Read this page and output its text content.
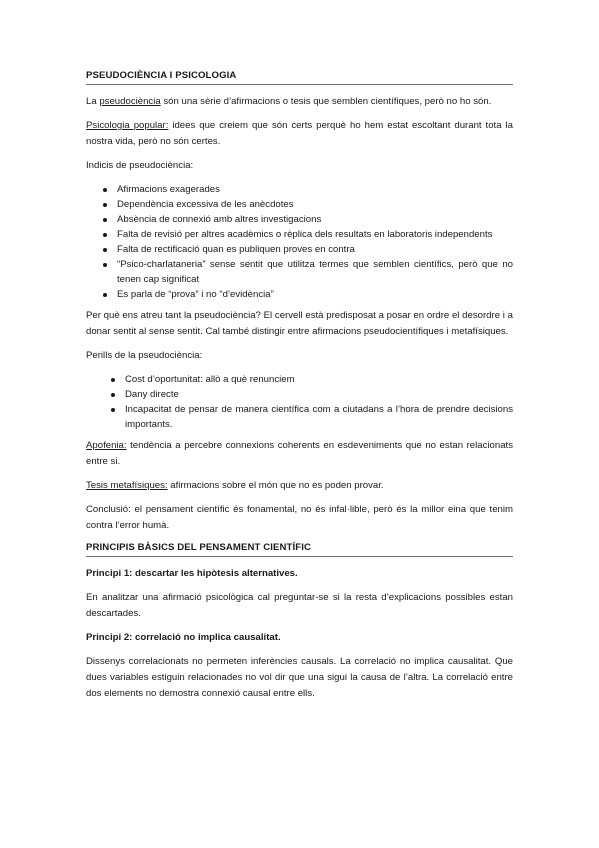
PSEUDOCIÈNCIA I PSICOLOGIA

La pseudociència són una sèrie d’afirmacions o tesis que semblen científiques, però no ho són.

Psicologia popular: idees que creiem que són certs perquè ho hem estat escoltant durant tota la nostra vida, però no són certes.

Indicis de pseudociència:

Afirmacions exagerades
Dependència excessiva de les anècdotes
Absència de connexió amb altres investigacions
Falta de revisió per altres acadèmics o rèplica dels resultats en laboratoris independents
Falta de rectificació quan es publiquen proves en contra
“Psico-charlataneria” sense sentit que utilitza termes que semblen científics, però que no tenen cap significat
Es parla de “prova” i no “d’evidència”

Per què ens atreu tant la pseudociència? El cervell està predisposat a posar en ordre el desordre i a donar sentit al sense sentit. Cal també distingir entre afirmacions pseudocientífiques i metafísiques.

Perills de la pseudociència:

Cost d’oportunitat: allò a què renunciem
Dany directe
Incapacitat de pensar de manera científica com a ciutadans a l’hora de prendre decisions importants.

Apofenia: tendència a percebre connexions coherents en esdeveniments que no estan relacionats entre si.

Tesis metafísiques: afirmacions sobre el món que no es poden provar.

Conclusió: el pensament científic és fonamental, no és infal·lible, però és la millor eina que tenim contra l’error humà.

PRINCIPIS BÀSICS DEL PENSAMENT CIENTÍFIC
Principi 1: descartar les hipòtesis alternatives.

En analitzar una afirmació psicològica cal preguntar-se si la resta d’explicacions possibles estan descartades.

Principi 2: correlació no implica causalitat.

Dissenys correlacionats no permeten inferències causals. La correlació no implica causalitat. Que dues variables estiguin relacionades no vol dir que una sigui la causa de l’altra. La correlació entre dos elements no demostra connexió causal entre ells.
